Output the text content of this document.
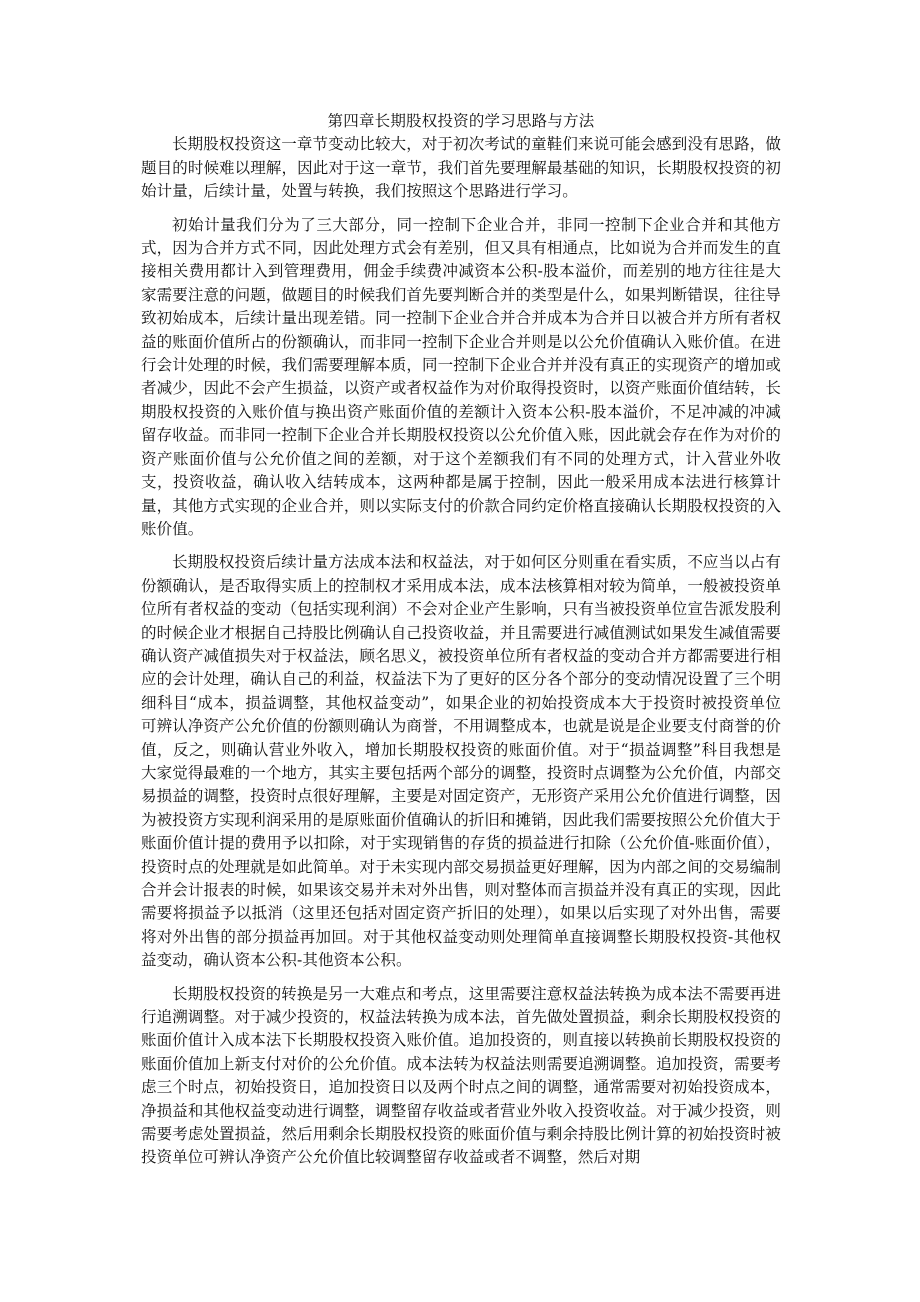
第四章长期股权投资的学习思路与方法

长期股权投资这一章节变动比较大，对于初次考试的童鞋们来说可能会感到没有思路，做题目的时候难以理解，因此对于这一章节，我们首先要理解最基础的知识，长期股权投资的初始计量，后续计量，处置与转换，我们按照这个思路进行学习。

初始计量我们分为了三大部分，同一控制下企业合并，非同一控制下企业合并和其他方式，因为合并方式不同，因此处理方式会有差别，但又具有相通点，比如说为合并而发生的直接相关费用都计入到管理费用，佣金手续费冲减资本公积-股本溢价，而差别的地方往往是大家需要注意的问题，做题目的时候我们首先要判断合并的类型是什么，如果判断错误，往往导致初始成本，后续计量出现差错。同一控制下企业合并合并成本为合并日以被合并方所有者权益的账面价值所占的份额确认，而非同一控制下企业合并则是以公允价值确认入账价值。在进行会计处理的时候，我们需要理解本质，同一控制下企业合并并没有真正的实现资产的增加或者减少，因此不会产生损益，以资产或者权益作为对价取得投资时，以资产账面价值结转，长期股权投资的入账价值与换出资产账面价值的差额计入资本公积-股本溢价，不足冲减的冲减留存收益。而非同一控制下企业合并长期股权投资以公允价值入账，因此就会存在作为对价的资产账面价值与公允价值之间的差额，对于这个差额我们有不同的处理方式，计入营业外收支，投资收益，确认收入结转成本，这两种都是属于控制，因此一般采用成本法进行核算计量，其他方式实现的企业合并，则以实际支付的价款合同约定价格直接确认长期股权投资的入账价值。

长期股权投资后续计量方法成本法和权益法，对于如何区分则重在看实质，不应当以占有份额确认，是否取得实质上的控制权才采用成本法，成本法核算相对较为简单，一般被投资单位所有者权益的变动（包括实现利润）不会对企业产生影响，只有当被投资单位宣告派发股利的时候企业才根据自己持股比例确认自己投资收益，并且需要进行减值测试如果发生减值需要确认资产减值损失对于权益法，顾名思义，被投资单位所有者权益的变动合并方都需要进行相应的会计处理，确认自己的利益，权益法下为了更好的区分各个部分的变动情况设置了三个明细科目“成本，损益调整，其他权益变动”，如果企业的初始投资成本大于投资时被投资单位可辨认净资产公允价值的份额则确认为商誉，不用调整成本，也就是说是企业要支付商誉的价值，反之，则确认营业外收入，增加长期股权投资的账面价值。对于“损益调整”科目我想是大家觉得最难的一个地方，其实主要包括两个部分的调整，投资时点调整为公允价值，内部交易损益的调整，投资时点很好理解，主要是对固定资产，无形资产采用公允价值进行调整，因为被投资方实现利润采用的是原账面价值确认的折旧和摊销，因此我们需要按照公允价值大于账面价值计提的费用予以扣除，对于实现销售的存货的损益进行扣除（公允价值-账面价值），投资时点的处理就是如此简单。对于未实现内部交易损益更好理解，因为内部之间的交易编制合并会计报表的时候，如果该交易并未对外出售，则对整体而言损益并没有真正的实现，因此需要将损益予以抵消（这里还包括对固定资产折旧的处理），如果以后实现了对外出售，需要将对外出售的部分损益再加回。对于其他权益变动则处理简单直接调整长期股权投资-其他权益变动，确认资本公积-其他资本公积。

长期股权投资的转换是另一大难点和考点，这里需要注意权益法转换为成本法不需要再进行追溯调整。对于减少投资的，权益法转换为成本法，首先做处置损益，剩余长期股权投资的账面价值计入成本法下长期股权投资入账价值。追加投资的，则直接以转换前长期股权投资的账面价值加上新支付对价的公允价值。成本法转为权益法则需要追溯调整。追加投资，需要考虑三个时点，初始投资日，追加投资日以及两个时点之间的调整，通常需要对初始投资成本，净损益和其他权益变动进行调整，调整留存收益或者营业外收入投资收益。对于减少投资，则需要考虑处置损益，然后用剩余长期股权投资的账面价值与剩余持股比例计算的初始投资时被投资单位可辨认净资产公允价值比较调整留存收益或者不调整，然后对期
